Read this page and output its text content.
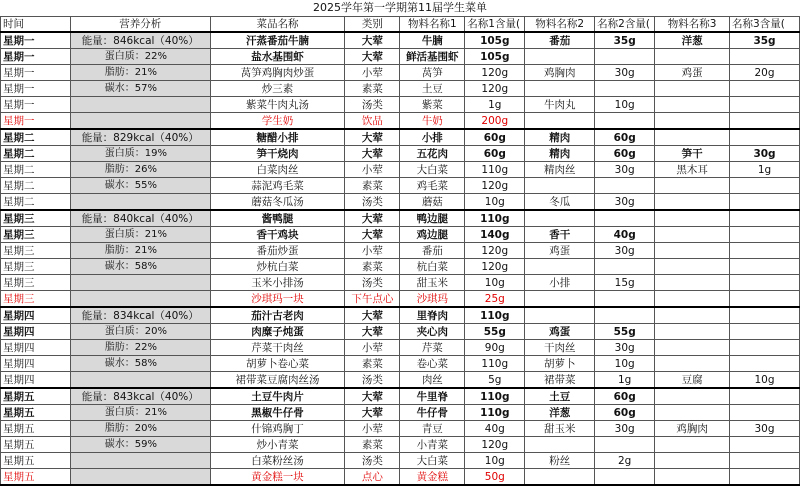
2025学年第一学期第11届学生菜单
时间	营养分析	菜品名称	类别	物料名称1	名称1含量(	物料名称2	名称2含量(	物料名称3	名称3含量(
星期一	能量：846kcal（40%）	汗蒸番茄牛腩	大荤	牛腩	105g	番茄	35g	洋葱	35g
星期一	蛋白质：22%	盐水基围虾	大荤	鲜活基围虾	105g				
星期一	脂肪：21%	莴笋鸡胸肉炒蛋	小荤	莴笋	120g	鸡胸肉	30g	鸡蛋	20g
星期一	碳水：57%	炒三素	素菜	土豆	120g				
星期一		紫菜牛肉丸汤	汤类	紫菜	1g	牛肉丸	10g		
星期一		学生奶	饮品	牛奶	200g				
星期二	能量：829kcal（40%）	糖醋小排	大荤	小排	60g	精肉	60g		
星期二	蛋白质：19%	笋干烧肉	大荤	五花肉	60g	精肉	60g	笋干	30g
星期二	脂肪：26%	白菜肉丝	小荤	大白菜	110g	精肉丝	30g	黑木耳	1g
星期二	碳水：55%	蒜泥鸡毛菜	素菜	鸡毛菜	120g				
星期二		蘑菇冬瓜汤	汤类	蘑菇	10g	冬瓜	30g		
星期三	能量：840kcal（40%）	酱鸭腿	大荤	鸭边腿	110g				
星期三	蛋白质：21%	香干鸡块	大荤	鸡边腿	140g	香干	40g		
星期三	脂肪：21%	番茄炒蛋	小荤	番茄	120g	鸡蛋	30g		
星期三	碳水：58%	炒杭白菜	素菜	杭白菜	120g				
星期三		玉米小排汤	汤类	甜玉米	10g	小排	15g		
星期三		沙琪玛一块	下午点心	沙琪玛	25g				
星期四	能量：834kcal（40%）	茄汁古老肉	大荤	里脊肉	110g				
星期四	蛋白质：20%	肉糜子炖蛋	大荤	夹心肉	55g	鸡蛋	55g		
星期四	脂肪：22%	芹菜干肉丝	小荤	芹菜	90g	干肉丝	30g		
星期四	碳水：58%	胡萝卜卷心菜	素菜	卷心菜	110g	胡萝卜	10g		
星期四		裙带菜豆腐肉丝汤	汤类	肉丝	5g	裙带菜	1g	豆腐	10g
星期五	能量：843kcal（40%）	土豆牛肉片	大荤	牛里脊	110g	土豆	60g		
星期五	蛋白质：21%	黑椒牛仔骨	大荤	牛仔骨	110g	洋葱	60g		
星期五	脂肪：20%	什锦鸡胸丁	小荤	青豆	40g	甜玉米	30g	鸡胸肉	30g
星期五	碳水：59%	炒小青菜	素菜	小青菜	120g				
星期五		白菜粉丝汤	汤类	大白菜	10g	粉丝	2g		
星期五		黄金糕一块	点心	黄金糕	50g				
